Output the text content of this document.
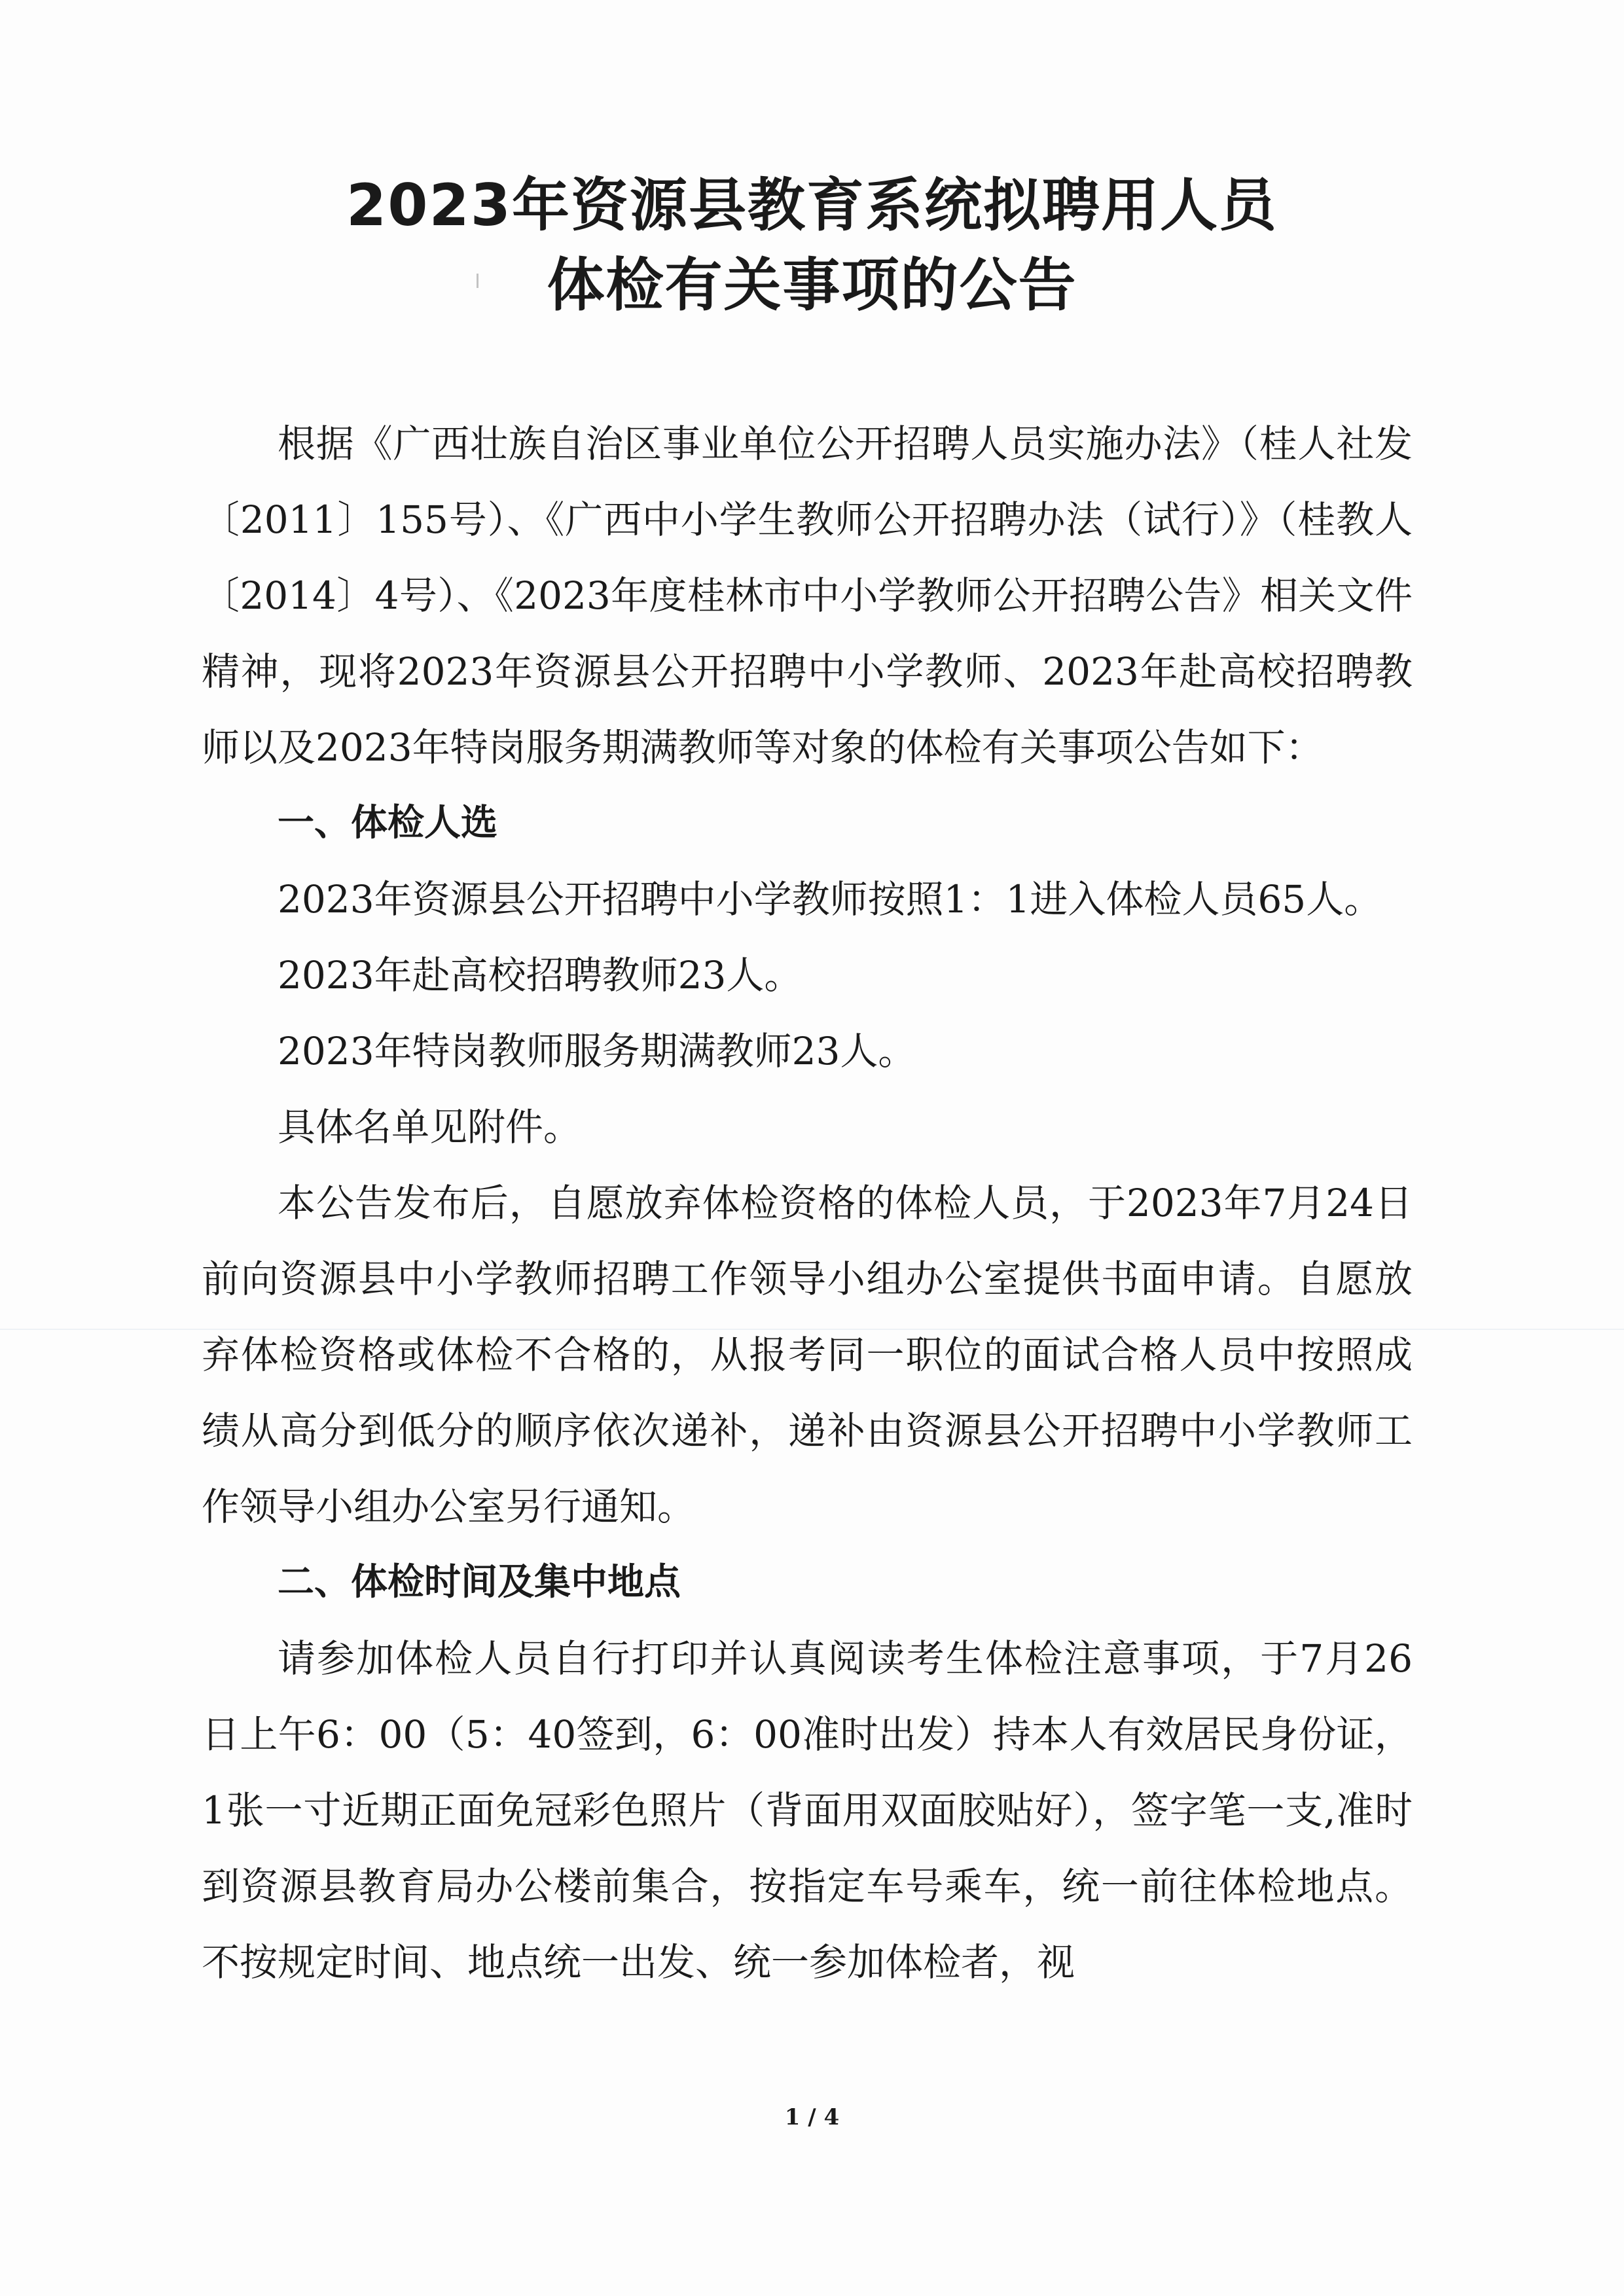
2023年资源县教育系统拟聘用人员
体检有关事项的公告

根据《广西壮族自治区事业单位公开招聘人员实施办法》（桂人社发〔2011〕155号）、《广西中小学生教师公开招聘办法（试行）》（桂教人〔2014〕4号）、《2023年度桂林市中小学教师公开招聘公告》相关文件精神，现将2023年资源县公开招聘中小学教师、2023年赴高校招聘教师以及2023年特岗服务期满教师等对象的体检有关事项公告如下：

一、体检人选

2023年资源县公开招聘中小学教师按照1：1进入体检人员65人。

2023年赴高校招聘教师23人。

2023年特岗教师服务期满教师23人。

具体名单见附件。

本公告发布后，自愿放弃体检资格的体检人员，于2023年7月24日前向资源县中小学教师招聘工作领导小组办公室提供书面申请。自愿放弃体检资格或体检不合格的，从报考同一职位的面试合格人员中按照成绩从高分到低分的顺序依次递补，递补由资源县公开招聘中小学教师工作领导小组办公室另行通知。

二、体检时间及集中地点

请参加体检人员自行打印并认真阅读考生体检注意事项，于7月26日上午6：00（5：40签到，6：00准时出发）持本人有效居民身份证，1张一寸近期正面免冠彩色照片（背面用双面胶贴好），签字笔一支,准时到资源县教育局办公楼前集合，按指定车号乘车，统一前往体检地点。不按规定时间、地点统一出发、统一参加体检者，视

1 / 4
